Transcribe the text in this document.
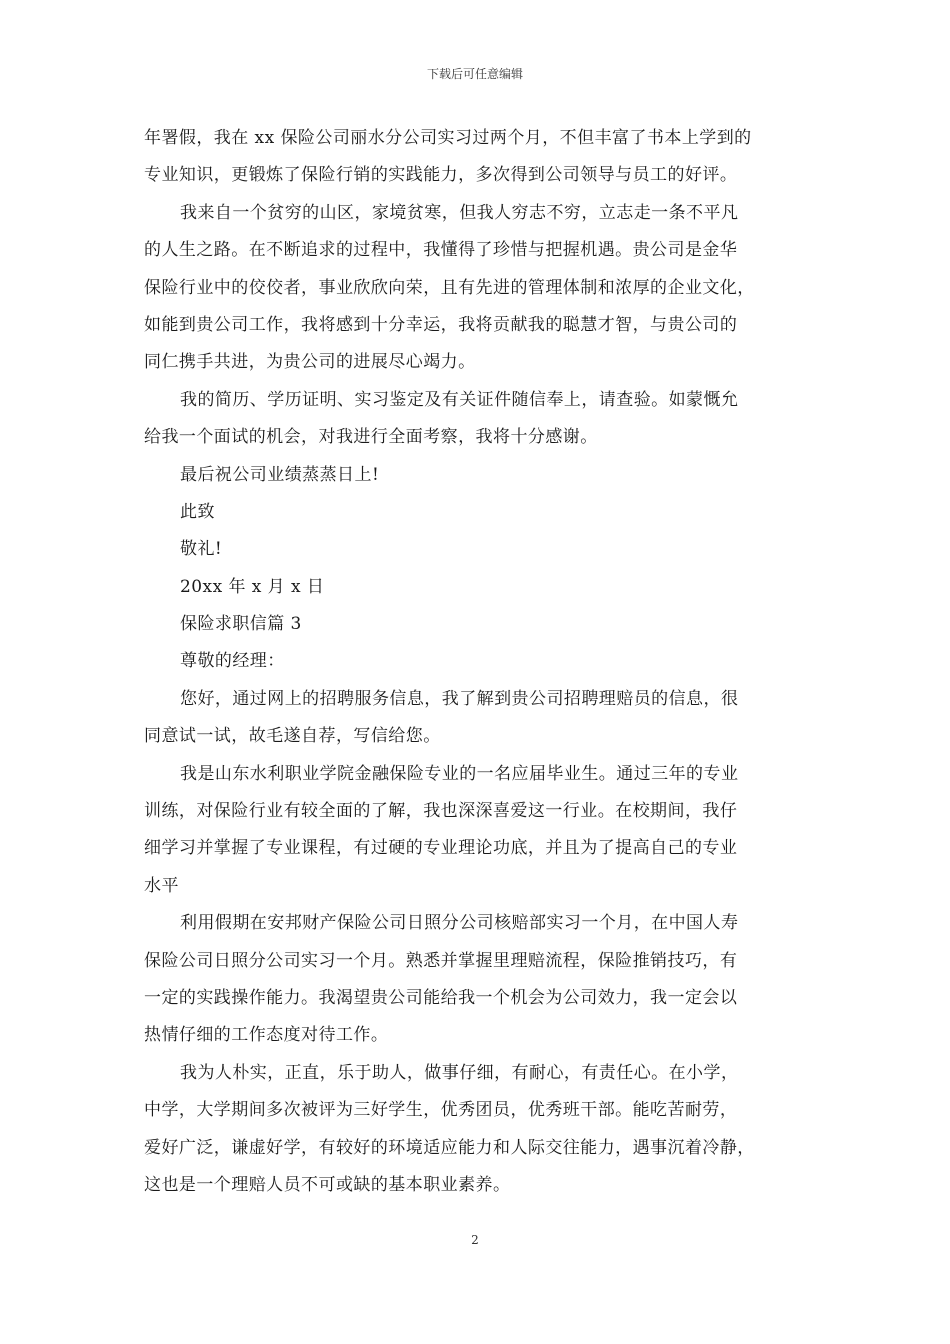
下载后可任意编辑
年署假，我在 xx 保险公司丽水分公司实习过两个月，不但丰富了书本上学到的
专业知识，更锻炼了保险行销的实践能力，多次得到公司领导与员工的好评。
我来自一个贫穷的山区，家境贫寒，但我人穷志不穷，立志走一条不平凡
的人生之路。在不断追求的过程中，我懂得了珍惜与把握机遇。贵公司是金华
保险行业中的佼佼者，事业欣欣向荣，且有先进的管理体制和浓厚的企业文化，
如能到贵公司工作，我将感到十分幸运，我将贡献我的聪慧才智，与贵公司的
同仁携手共进，为贵公司的进展尽心竭力。
我的简历、学历证明、实习鉴定及有关证件随信奉上，请查验。如蒙慨允
给我一个面试的机会，对我进行全面考察，我将十分感谢。
最后祝公司业绩蒸蒸日上!
此致
敬礼!
20xx 年 x 月 x 日
保险求职信篇 3
尊敬的经理：
您好，通过网上的招聘服务信息，我了解到贵公司招聘理赔员的信息，很
同意试一试，故毛遂自荐，写信给您。
我是山东水利职业学院金融保险专业的一名应届毕业生。通过三年的专业
训练，对保险行业有较全面的了解，我也深深喜爱这一行业。在校期间，我仔
细学习并掌握了专业课程，有过硬的专业理论功底，并且为了提高自己的专业
水平
利用假期在安邦财产保险公司日照分公司核赔部实习一个月，在中国人寿
保险公司日照分公司实习一个月。熟悉并掌握里理赔流程，保险推销技巧，有
一定的实践操作能力。我渴望贵公司能给我一个机会为公司效力，我一定会以
热情仔细的工作态度对待工作。
我为人朴实，正直，乐于助人，做事仔细，有耐心，有责任心。在小学，
中学，大学期间多次被评为三好学生，优秀团员，优秀班干部。能吃苦耐劳，
爱好广泛，谦虚好学，有较好的环境适应能力和人际交往能力，遇事沉着冷静，
这也是一个理赔人员不可或缺的基本职业素养。
2
